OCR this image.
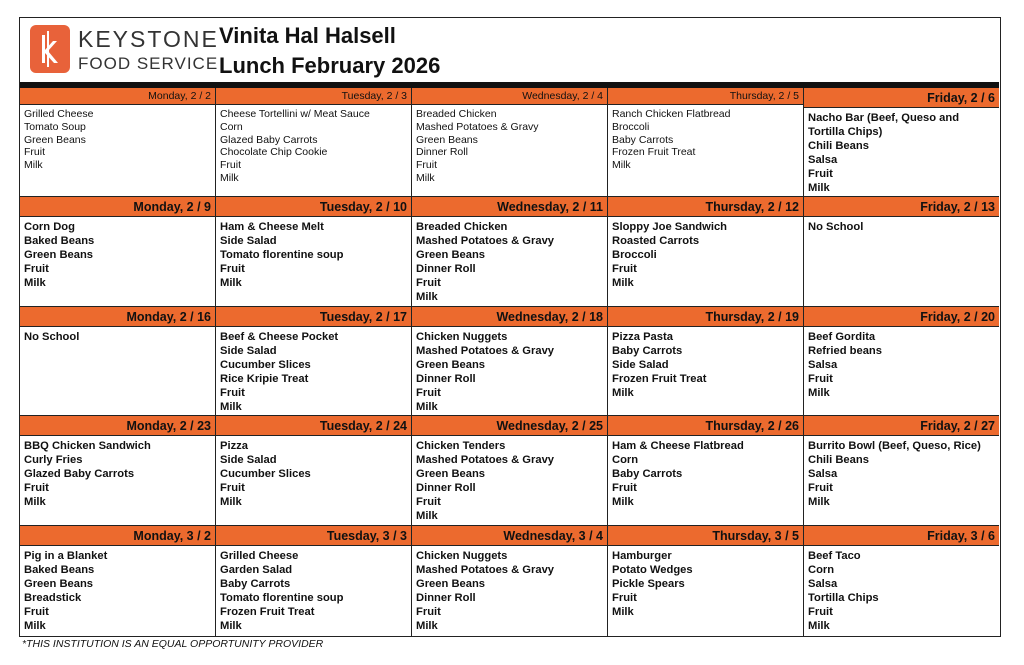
KEYSTONE
FOOD SERVICE
Vinita Hal Halsell
Lunch February 2026
Monday, 2 / 2
Grilled Cheese
Tomato Soup
Green Beans
Fruit
Milk
Tuesday, 2 / 3
Cheese Tortellini w/ Meat Sauce
Corn
Glazed Baby Carrots
Chocolate Chip Cookie
Fruit
Milk
Wednesday, 2 / 4
Breaded Chicken
Mashed Potatoes & Gravy
Green Beans
Dinner Roll
Fruit
Milk
Thursday, 2 / 5
Ranch Chicken Flatbread
Broccoli
Baby Carrots
Frozen Fruit Treat
Milk
Friday, 2 / 6
Nacho Bar (Beef, Queso and Tortilla Chips)
Chili Beans
Salsa
Fruit
Milk
Monday, 2 / 9
Corn Dog
Baked Beans
Green Beans
Fruit
Milk
Tuesday, 2 / 10
Ham & Cheese Melt
Side Salad
Tomato florentine soup
Fruit
Milk
Wednesday, 2 / 11
Breaded Chicken
Mashed Potatoes & Gravy
Green Beans
Dinner Roll
Fruit
Milk
Thursday, 2 / 12
Sloppy Joe Sandwich
Roasted Carrots
Broccoli
Fruit
Milk
Friday, 2 / 13
No School
Monday, 2 / 16
No School
Tuesday, 2 / 17
Beef & Cheese Pocket
Side Salad
Cucumber Slices
Rice Kripie Treat
Fruit
Milk
Wednesday, 2 / 18
Chicken Nuggets
Mashed Potatoes & Gravy
Green Beans
Dinner Roll
Fruit
Milk
Thursday, 2 / 19
Pizza Pasta
Baby Carrots
Side Salad
Frozen Fruit Treat
Milk
Friday, 2 / 20
Beef Gordita
Refried beans
Salsa
Fruit
Milk
Monday, 2 / 23
BBQ Chicken Sandwich
Curly Fries
Glazed Baby Carrots
Fruit
Milk
Tuesday, 2 / 24
Pizza
Side Salad
Cucumber Slices
Fruit
Milk
Wednesday, 2 / 25
Chicken Tenders
Mashed Potatoes & Gravy
Green Beans
Dinner Roll
Fruit
Milk
Thursday, 2 / 26
Ham & Cheese Flatbread
Corn
Baby Carrots
Fruit
Milk
Friday, 2 / 27
Burrito Bowl (Beef, Queso, Rice)
Chili Beans
Salsa
Fruit
Milk
Monday, 3 / 2
Pig in a Blanket
Baked Beans
Green Beans
Breadstick
Fruit
Milk
Tuesday, 3 / 3
Grilled Cheese
Garden Salad
Baby Carrots
Tomato florentine soup
Frozen Fruit Treat
Milk
Wednesday, 3 / 4
Chicken Nuggets
Mashed Potatoes & Gravy
Green Beans
Dinner Roll
Fruit
Milk
Thursday, 3 / 5
Hamburger
Potato Wedges
Pickle Spears
Fruit
Milk
Friday, 3 / 6
Beef Taco
Corn
Salsa
Tortilla Chips
Fruit
Milk
*THIS INSTITUTION IS AN EQUAL OPPORTUNITY PROVIDER
